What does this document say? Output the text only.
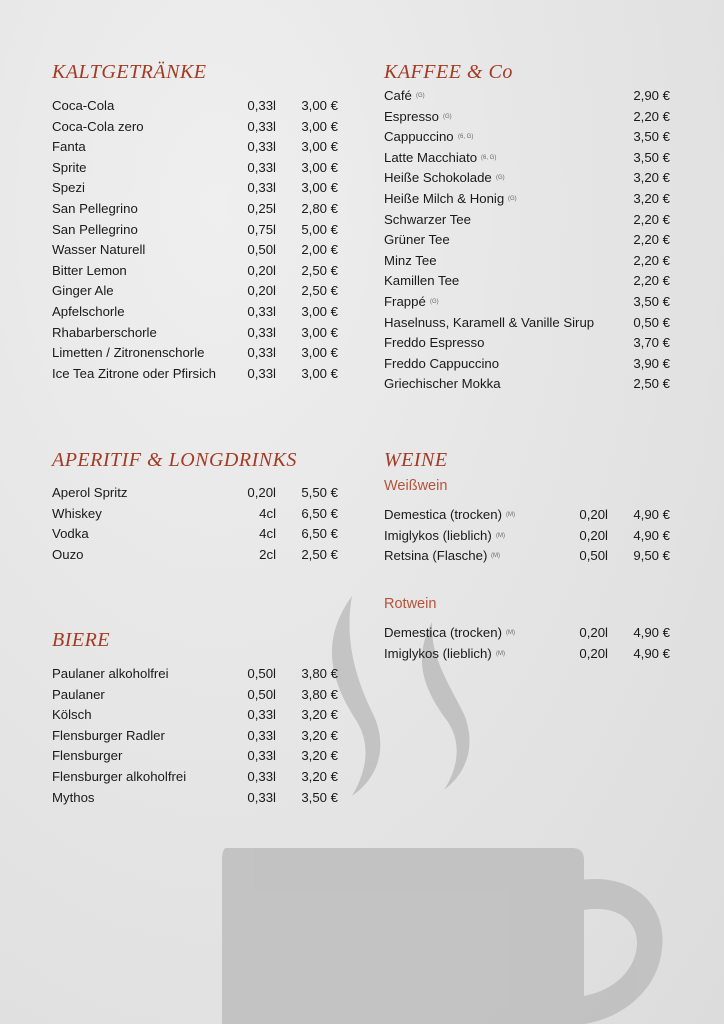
KALTGETRÄNKE
Coca-Cola	0,33l 3,00 €
Coca-Cola zero	0,33l 3,00 €
Fanta	0,33l 3,00 €
Sprite	0,33l 3,00 €
Spezi	0,33l 3,00 €
San Pellegrino	0,25l 2,80 €
San Pellegrino	0,75l 5,00 €
Wasser Naturell	0,50l 2,00 €
Bitter Lemon	0,20l 2,50 €
Ginger Ale	0,20l 2,50 €
Apfelschorle	0,33l 3,00 €
Rhabarberschorle	0,33l 3,00 €
Limetten / Zitronenschorle	0,33l 3,00 €
Ice Tea Zitrone oder Pfirsich 0,33l 3,00 €
APERITIF & LONGDRINKS
Aperol Spritz	0,20l 5,50 €
Whiskey	4cl 6,50 €
Vodka	4cl 6,50 €
Ouzo	2cl 2,50 €
BIERE
Paulaner alkoholfrei	0,50l 3,80 €
Paulaner	0,50l 3,80 €
Kölsch	0,33l 3,20 €
Flensburger Radler	0,33l 3,20 €
Flensburger	0,33l 3,20 €
Flensburger alkoholfrei	0,33l 3,20 €
Mythos	0,33l 3,50 €
KAFFEE & Co
Café (G)	2,90 €
Espresso (G)	2,20 €
Cappuccino (6, G)	3,50 €
Latte Macchiato (6, G)	3,50 €
Heiße Schokolade (G)	3,20 €
Heiße Milch & Honig (G)	3,20 €
Schwarzer Tee	2,20 €
Grüner Tee	2,20 €
Minz Tee	2,20 €
Kamillen Tee	2,20 €
Frappé (G)	3,50 €
Haselnuss, Karamell & Vanille Sirup	0,50 €
Freddo Espresso	3,70 €
Freddo Cappuccino	3,90 €
Griechischer Mokka	2,50 €
WEINE
Weißwein
Demestica (trocken) (M)	0,20l 4,90 €
Imiglykos (lieblich) (M)	0,20l 4,90 €
Retsina (Flasche) (M)	0,50l 9,50 €
Rotwein
Demestica (trocken) (M)	0,20l 4,90 €
Imiglykos (lieblich) (M)	0,20l 4,90 €
